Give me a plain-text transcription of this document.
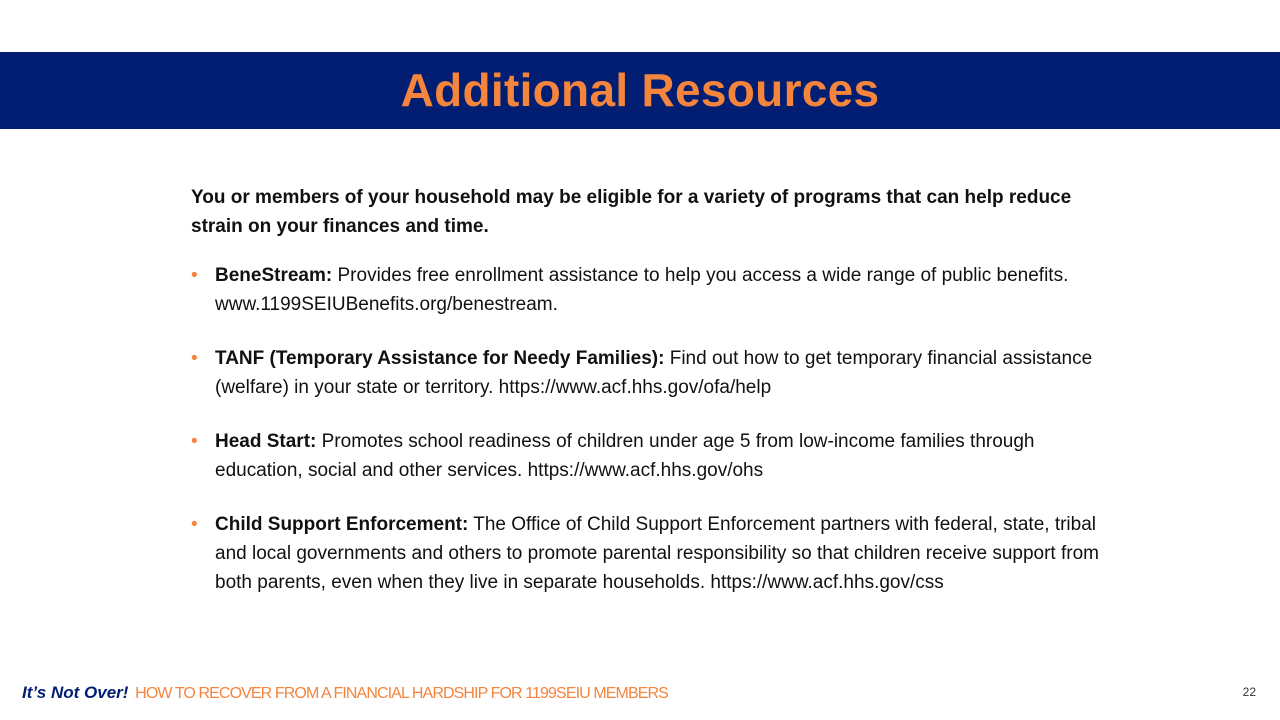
Additional Resources

You or members of your household may be eligible for a variety of programs that can help reduce strain on your finances and time.

• BeneStream: Provides free enrollment assistance to help you access a wide range of public benefits. www.1199SEIUBenefits.org/benestream.
• TANF (Temporary Assistance for Needy Families): Find out how to get temporary financial assistance (welfare) in your state or territory. https://www.acf.hhs.gov/ofa/help
• Head Start: Promotes school readiness of children under age 5 from low-income families through education, social and other services. https://www.acf.hhs.gov/ohs
• Child Support Enforcement: The Office of Child Support Enforcement partners with federal, state, tribal and local governments and others to promote parental responsibility so that children receive support from both parents, even when they live in separate households. https://www.acf.hhs.gov/css
It’s Not Over! HOW TO RECOVER FROM A FINANCIAL HARDSHIP FOR 1199SEIU MEMBERS	22
